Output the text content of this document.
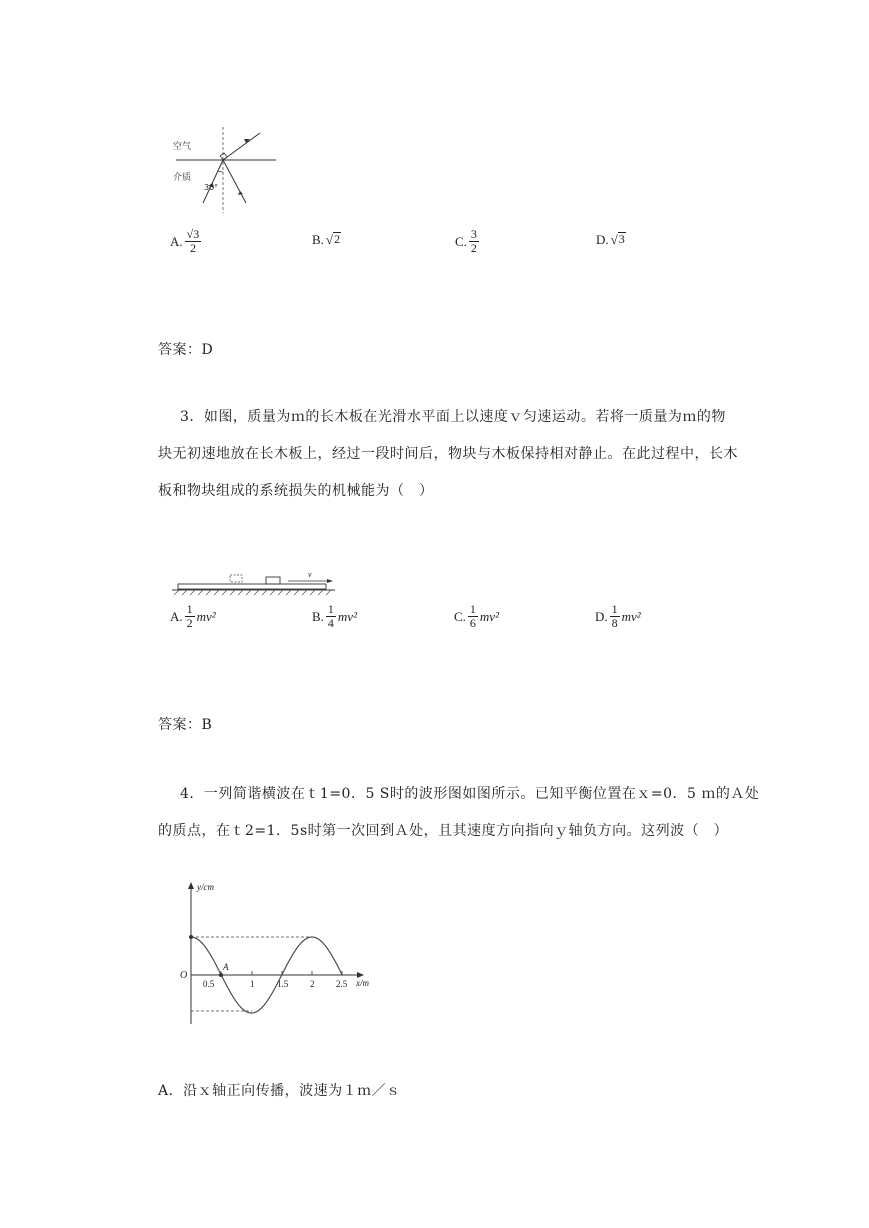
空气
介质
30°
A. $\frac{√3}{2}$	B. √ 2	C. $\frac{3}{2}$	D. √ 3
答案：D
3．如图，质量为ｍ的长木板在光滑水平面上以速度ｖ匀速运动。若将一质量为ｍ的物
块无初速地放在长木板上，经过一段时间后，物块与木板保持相对静止。在此过程中，长木
板和物块组成的系统损失的机械能为（　）
v
A. $\frac{1}{2} mv^2$	B. $\frac{1}{4} mv^2$	C. $\frac{1}{6} mv^2$	D. $\frac{1}{8} mv^2$
答案：B
4．一列简谐横波在ｔ1=0．5 S时的波形图如图所示。已知平衡位置在ｘ=0．5 ｍ的Ａ处
的质点，在ｔ2=1．5s时第一次回到Ａ处，且其速度方向指向ｙ轴负方向。这列波（　）
y/cm
x/m
O
A
0.5	1	1.5 2 2.5
A．沿ｘ轴正向传播，波速为１ｍ／ｓ
